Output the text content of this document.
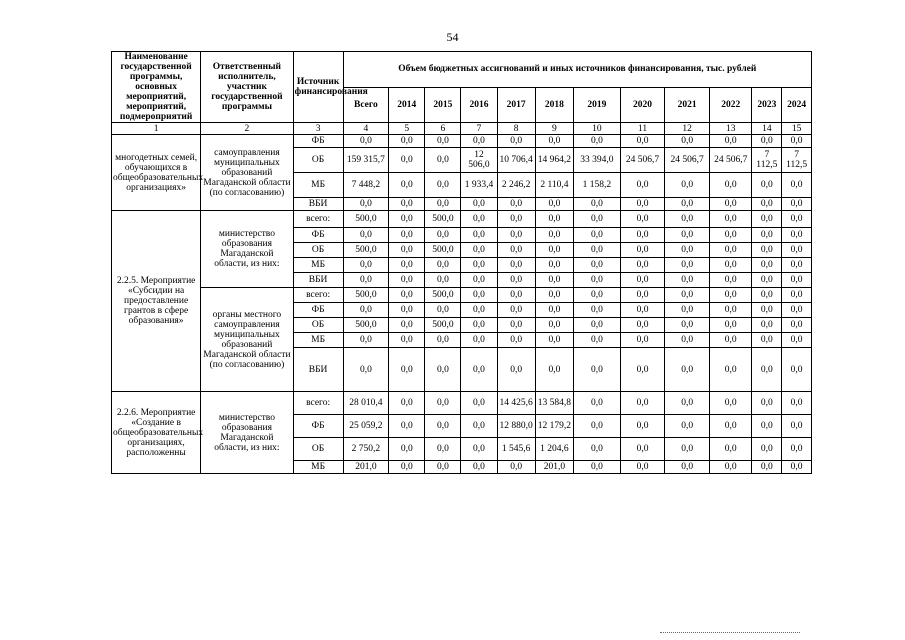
54
Наименование государственной программы, основных мероприятий, мероприятий, подмероприятий	Ответственный исполнитель, участник государственной программы	Источник финансирования	Объем бюджетных ассигнований и иных источников финансирования, тыс. рублей											
			Всего	2014	2015	2016	2017	2018	2019	2020	2021	2022	2023	2024
1	2	3	4	5	6	7	8	9	10	11	12	13	14	15
многодетных семей, обучающихся в общеобразовательных организациях»	самоуправления муниципальных образований Магаданской области (по согласованию)	ФБ	0,0	0,0	0,0	0,0	0,0	0,0	0,0	0,0	0,0	0,0	0,0	0,0
		ОБ	159 315,7	0,0	0,0	12 506,0	10 706,4	14 964,2	33 394,0	24 506,7	24 506,7	24 506,7	7 112,5	7 112,5
		МБ	7 448,2	0,0	0,0	1 933,4	2 246,2	2 110,4	1 158,2	0,0	0,0	0,0	0,0	0,0
		ВБИ	0,0	0,0	0,0	0,0	0,0	0,0	0,0	0,0	0,0	0,0	0,0	0,0
2.2.5. Мероприятие «Субсидии на предоставление грантов в сфере образования»	министерство образования Магаданской области, из них:	всего:	500,0	0,0	500,0	0,0	0,0	0,0	0,0	0,0	0,0	0,0	0,0	0,0
		ФБ	0,0	0,0	0,0	0,0	0,0	0,0	0,0	0,0	0,0	0,0	0,0	0,0
		ОБ	500,0	0,0	500,0	0,0	0,0	0,0	0,0	0,0	0,0	0,0	0,0	0,0
		МБ	0,0	0,0	0,0	0,0	0,0	0,0	0,0	0,0	0,0	0,0	0,0	0,0
		ВБИ	0,0	0,0	0,0	0,0	0,0	0,0	0,0	0,0	0,0	0,0	0,0	0,0
	органы местного самоуправления муниципальных образований Магаданской области (по согласованию)	всего:	500,0	0,0	500,0	0,0	0,0	0,0	0,0	0,0	0,0	0,0	0,0	0,0
		ФБ	0,0	0,0	0,0	0,0	0,0	0,0	0,0	0,0	0,0	0,0	0,0	0,0
		ОБ	500,0	0,0	500,0	0,0	0,0	0,0	0,0	0,0	0,0	0,0	0,0	0,0
		МБ	0,0	0,0	0,0	0,0	0,0	0,0	0,0	0,0	0,0	0,0	0,0	0,0
		ВБИ	0,0	0,0	0,0	0,0	0,0	0,0	0,0	0,0	0,0	0,0	0,0	0,0
2.2.6. Мероприятие «Создание в общеобразовательных организациях, расположенны	министерство образования Магаданской области, из них:	всего:	28 010,4	0,0	0,0	0,0	14 425,6	13 584,8	0,0	0,0	0,0	0,0	0,0	0,0
		ФБ	25 059,2	0,0	0,0	0,0	12 880,0	12 179,2	0,0	0,0	0,0	0,0	0,0	0,0
		ОБ	2 750,2	0,0	0,0	0,0	1 545,6	1 204,6	0,0	0,0	0,0	0,0	0,0	0,0
		МБ	201,0	0,0	0,0	0,0	0,0	201,0	0,0	0,0	0,0	0,0	0,0	0,0
